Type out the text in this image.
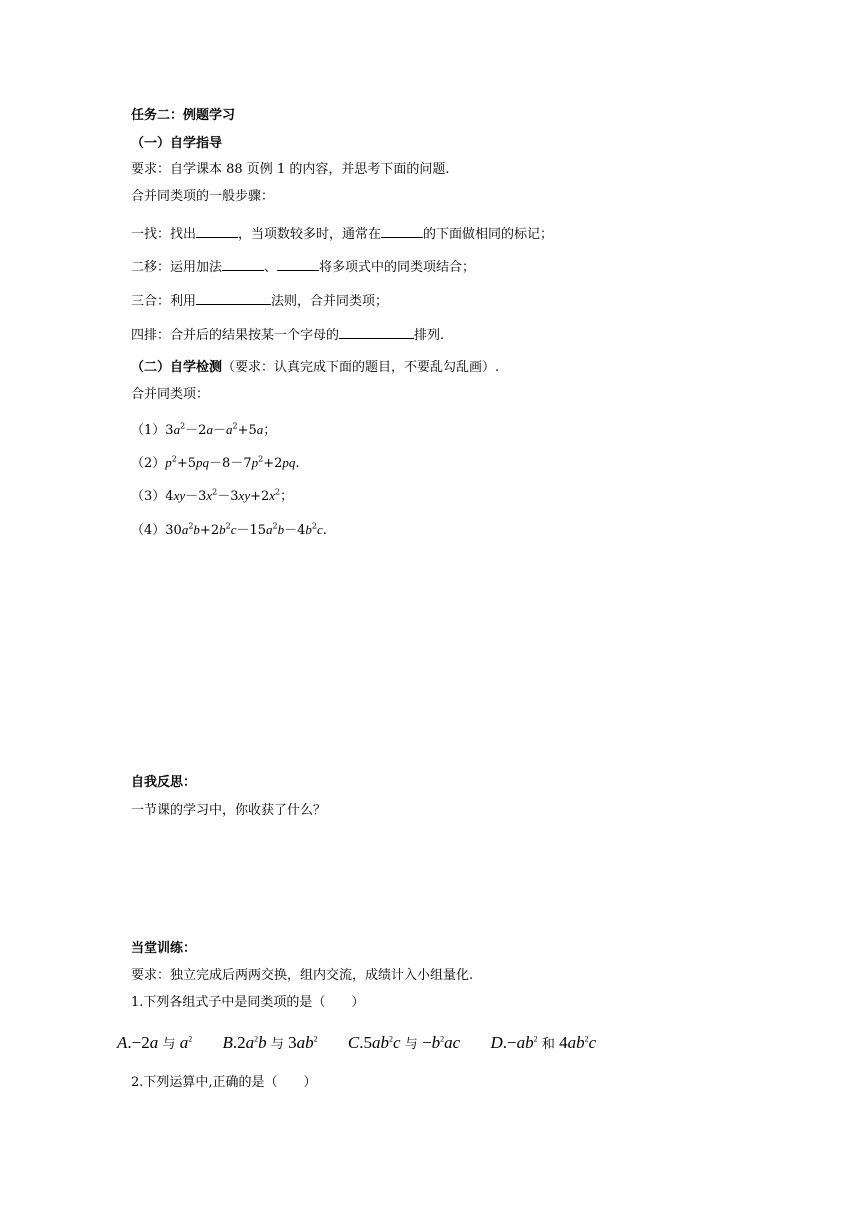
任务二：例题学习
（一）自学指导
要求：自学课本 88 页例 1 的内容，并思考下面的问题.
合并同类项的一般步骤：
一找：找出	，当项数较多时，通常在	的下面做相同的标记；
二移：运用加法	、	将多项式中的同类项结合；
三合：利用	法则，合并同类项；
四排：合并后的结果按某一个字母的	排列.
（二）自学检测（要求：认真完成下面的题目，不要乱勾乱画）.
合并同类项：
$(1)3a^2-2a-a^2+5a$；
$(2)p^2+5pq-8-7p^2+2pq$.
$(3)4xy-3x^2-3xy+2x^2$；
$(4)30a^2b+2b^2c-15a^2b-4b^2c$.
自我反思：
一节课的学习中，你收获了什么？
当堂训练：
要求：独立完成后两两交换，组内交流，成绩计入小组量化.
1.下列各组式子中是同类项的是（　　）
A.−2a 与 $a^2$ $B.2a^2b$ 与 $3ab^2$ $C.5ab^2c$ 与 $-b^2ac$ $D.-ab^2$ 和 $4ab^2c$
2.下列运算中,正确的是（　　）
